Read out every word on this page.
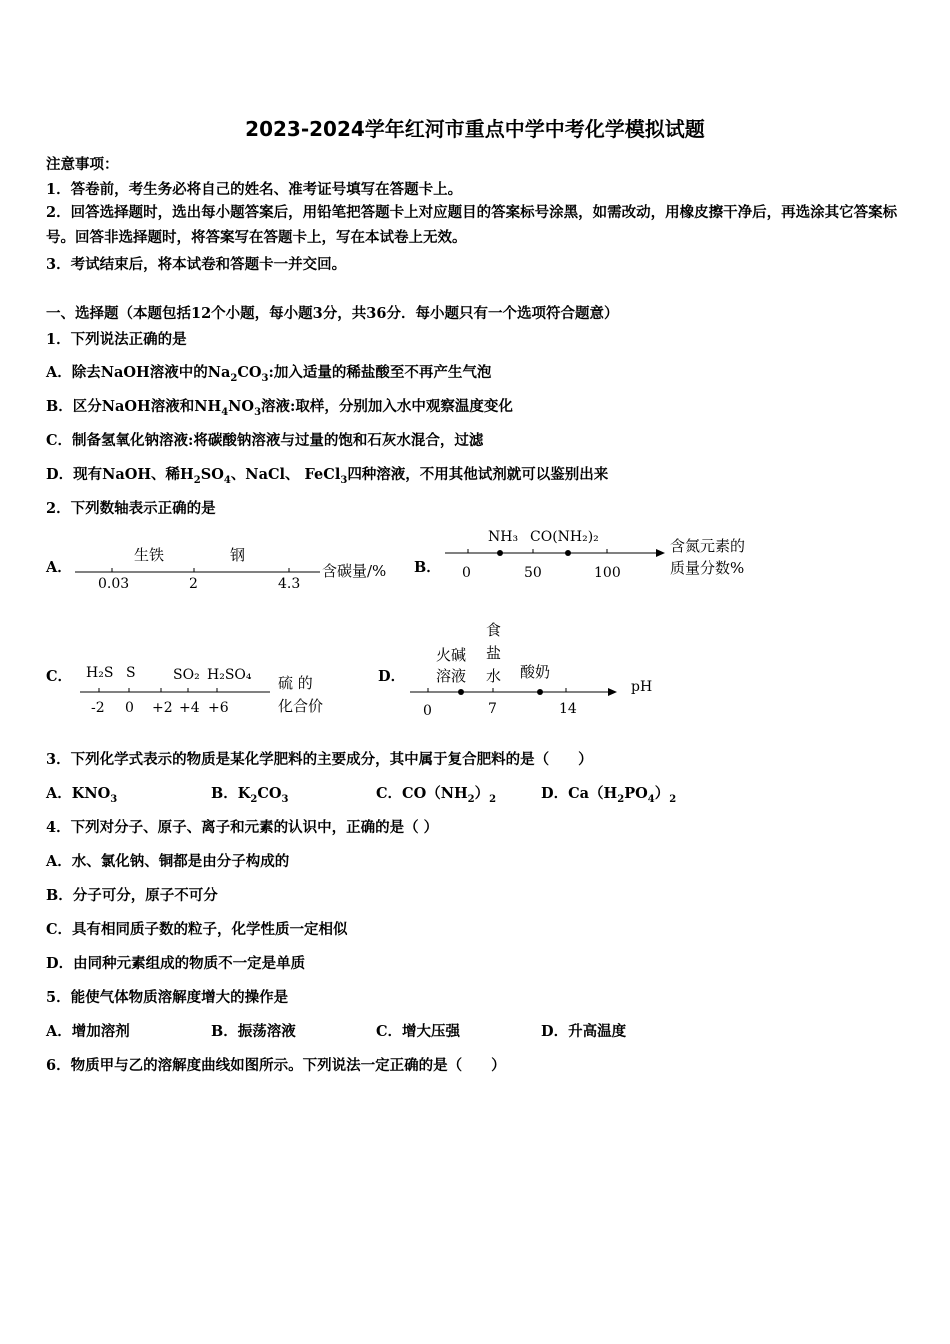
2023-2024学年红河市重点中学中考化学模拟试题
注意事项：
1．答卷前，考生务必将自己的姓名、准考证号填写在答题卡上。
2．回答选择题时，选出每小题答案后，用铅笔把答题卡上对应题目的答案标号涂黑，如需改动，用橡皮擦干净后，再选涂其它答案标号。回答非选择题时，将答案写在答题卡上，写在本试卷上无效。
3．考试结束后，将本试卷和答题卡一并交回。
一、选择题（本题包括12个小题，每小题3分，共36分．每小题只有一个选项符合题意）
1．下列说法正确的是
A．除去NaOH溶液中的$Na_2CO_3$:加入适量的稀盐酸至不再产生气泡
B．区分NaOH溶液和$NH_4NO_3$溶液:取样，分别加入水中观察温度变化
C．制备氢氧化钠溶液:将碳酸钠溶液与过量的饱和石灰水混合，过滤
D．现有NaOH、稀$H_2SO_4$、NaCl、 FeCl$_3$四种溶液，不用其他试剂就可以鉴别出来
2．下列数轴表示正确的是
A．
生铁	钢
0.03	2	4.3
含碳量/% B．
NH₃ CO(NH₂)₂
0	50	100
含氮元素的
质量分数%
C． H₂S S	SO₂ H₂SO₄
-2 0 +2 +4 +6
硫 的
化合价
D．
火碱
溶液
食
盐
水 酸奶
0	7	14
pH
3．下列化学式表示的物质是某化学肥料的主要成分，其中属于复合肥料的是（　　）
A．$KNO_3$	B．$K_2CO_3$	C．$CO(NH_2)_2$	D．$Ca(H_2PO_4)_2$
4．下列对分子、原子、离子和元素的认识中，正确的是（ ）
A．水、氯化钠、铜都是由分子构成的
B．分子可分，原子不可分
C．具有相同质子数的粒子，化学性质一定相似
D．由同种元素组成的物质不一定是单质
5．能使气体物质溶解度增大的操作是
A．增加溶剂	B．振荡溶液	C．增大压强	D．升高温度
6．物质甲与乙的溶解度曲线如图所示。下列说法一定正确的是（　　）
